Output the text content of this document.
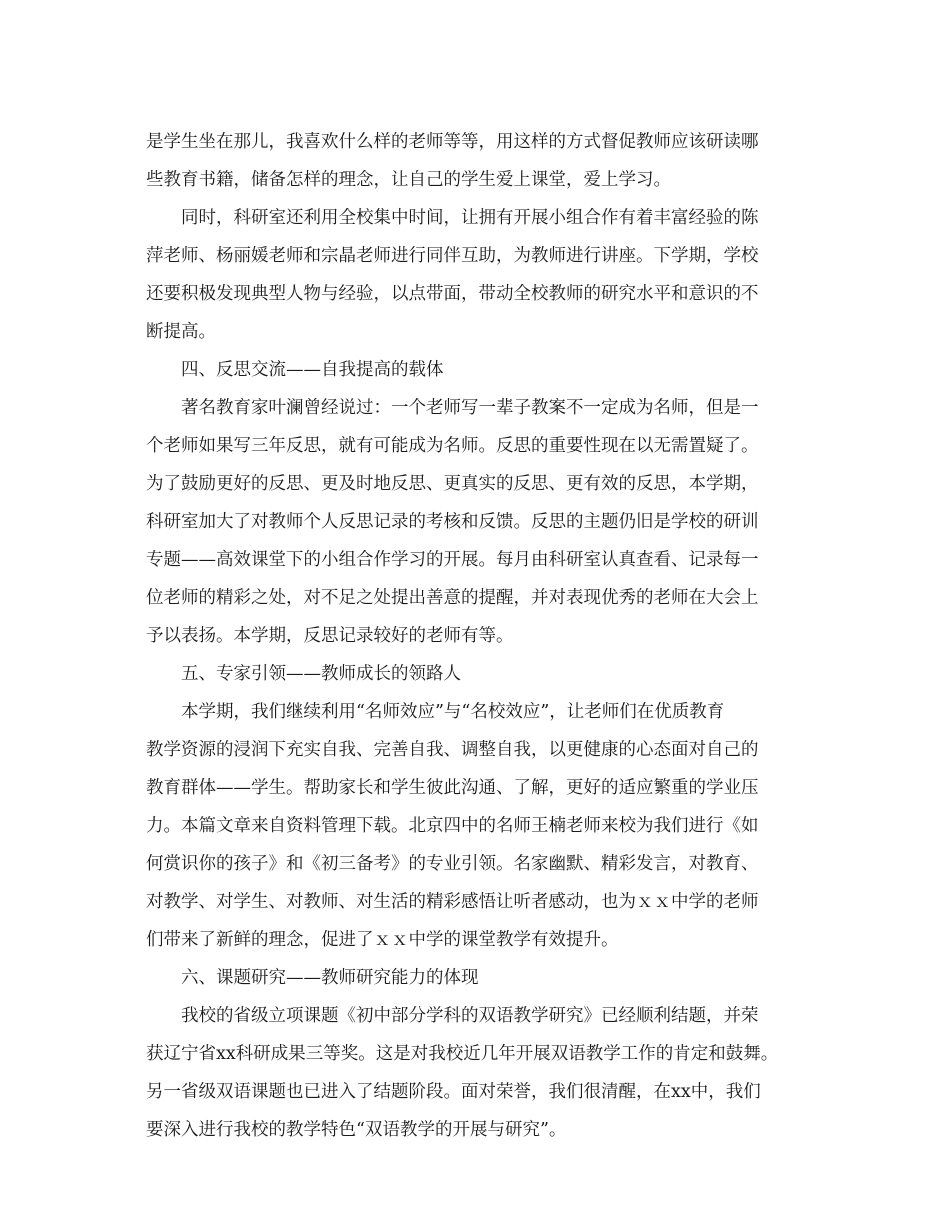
是学生坐在那儿，我喜欢什么样的老师等等，用这样的方式督促教师应该研读哪
些教育书籍，储备怎样的理念，让自己的学生爱上课堂，爱上学习。
同时，科研室还利用全校集中时间，让拥有开展小组合作有着丰富经验的陈
萍老师、杨丽媛老师和宗晶老师进行同伴互助，为教师进行讲座。下学期，学校
还要积极发现典型人物与经验，以点带面，带动全校教师的研究水平和意识的不
断提高。
四、反思交流——自我提高的载体
著名教育家叶澜曾经说过：一个老师写一辈子教案不一定成为名师，但是一
个老师如果写三年反思，就有可能成为名师。反思的重要性现在以无需置疑了。
为了鼓励更好的反思、更及时地反思、更真实的反思、更有效的反思，本学期，
科研室加大了对教师个人反思记录的考核和反馈。反思的主题仍旧是学校的研训
专题——高效课堂下的小组合作学习的开展。每月由科研室认真查看、记录每一
位老师的精彩之处，对不足之处提出善意的提醒，并对表现优秀的老师在大会上
予以表扬。本学期，反思记录较好的老师有等。
五、专家引领——教师成长的领路人
本学期，我们继续利用“名师效应”与“名校效应”，让老师们在优质教育
教学资源的浸润下充实自我、完善自我、调整自我，以更健康的心态面对自己的
教育群体——学生。帮助家长和学生彼此沟通、了解，更好的适应繁重的学业压
力。本篇文章来自资料管理下载。北京四中的名师王楠老师来校为我们进行《如
何赏识你的孩子》和《初三备考》的专业引领。名家幽默、精彩发言，对教育、
对教学、对学生、对教师、对生活的精彩感悟让听者感动，也为ｘｘ中学的老师
们带来了新鲜的理念，促进了ｘｘ中学的课堂教学有效提升。
六、课题研究——教师研究能力的体现
我校的省级立项课题《初中部分学科的双语教学研究》已经顺利结题，并荣
获辽宁省xx科研成果三等奖。这是对我校近几年开展双语教学工作的肯定和鼓舞。
另一省级双语课题也已进入了结题阶段。面对荣誉，我们很清醒，在xx中，我们
要深入进行我校的教学特色“双语教学的开展与研究”。
